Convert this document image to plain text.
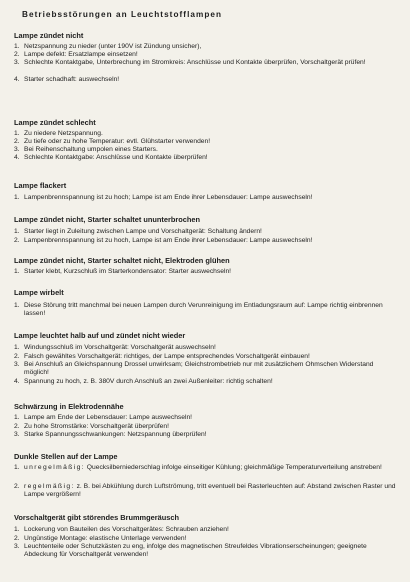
Betriebsstörungen an Leuchtstofflampen
Lampe zündet nicht
1. Netzspannung zu nieder (unter 190V ist Zündung unsicher),
2. Lampe defekt: Ersatzlampe einsetzen!
3. Schlechte Kontaktgabe, Unterbrechung im Stromkreis: Anschlüsse und Kontakte überprüfen, Vorschaltgerät prüfen!
4. Starter schadhaft: auswechseln!
Lampe zündet schlecht
1. Zu niedere Netzspannung.
2. Zu tiefe oder zu hohe Temperatur: evtl. Glühstarter verwenden!
3. Bei Reihenschaltung umpolen eines Starters.
4. Schlechte Kontaktgabe: Anschlüsse und Kontakte überprüfen!
Lampe flackert
1. Lampenbrennspannung ist zu hoch; Lampe ist am Ende ihrer Lebensdauer: Lampe auswechseln!
Lampe zündet nicht, Starter schaltet ununterbrochen
1. Starter liegt in Zuleitung zwischen Lampe und Vorschaltgerät: Schaltung ändern!
2. Lampenbrennspannung ist zu hoch, Lampe ist am Ende ihrer Lebensdauer: Lampe auswechseln!
Lampe zündet nicht, Starter schaltet nicht, Elektroden glühen
1. Starter klebt, Kurzschluß im Starterkondensator: Starter auswechseln!
Lampe wirbelt
1. Diese Störung tritt manchmal bei neuen Lampen durch Verunreinigung im Entladungsraum auf: Lampe richtig einbrennen lassen!
Lampe leuchtet halb auf und zündet nicht wieder
1. Windungsschluß im Vorschaltgerät: Vorschaltgerät auswechseln!
2. Falsch gewähltes Vorschaltgerät: richtiges, der Lampe entsprechendes Vorschaltgerät einbauen!
3. Bei Anschluß an Gleichspannung Drossel unwirksam; Gleichstrombetrieb nur mit zusätzlichem Ohmschen Widerstand möglich!
4. Spannung zu hoch, z. B. 380V durch Anschluß an zwei Außenleiter: richtig schalten!
Schwärzung in Elektrodennähe
1. Lampe am Ende der Lebensdauer: Lampe auswechseln!
2. Zu hohe Stromstärke: Vorschaltgerät überprüfen!
3. Starke Spannungsschwankungen: Netzspannung überprüfen!
Dunkle Stellen auf der Lampe
1. unregelmäßig: Quecksilberniederschlag infolge einseitiger Kühlung; gleichmäßige Temperaturverteilung anstreben!
2. regelmäßig: z. B. bei Abkühlung durch Luftströmung, tritt eventuell bei Rasterleuchten auf: Abstand zwischen Raster und Lampe vergrößern!
Vorschaltgerät gibt störendes Brummgeräusch
1. Lockerung von Bauteilen des Vorschaltgerätes: Schrauben anziehen!
2. Ungünstige Montage: elastische Unterlage verwenden!
3. Leuchtenteile oder Schutzkästen zu eng, infolge des magnetischen Streufeldes Vibrationserscheinungen; geeignete Abdeckung für Vorschaltgerät verwenden!
